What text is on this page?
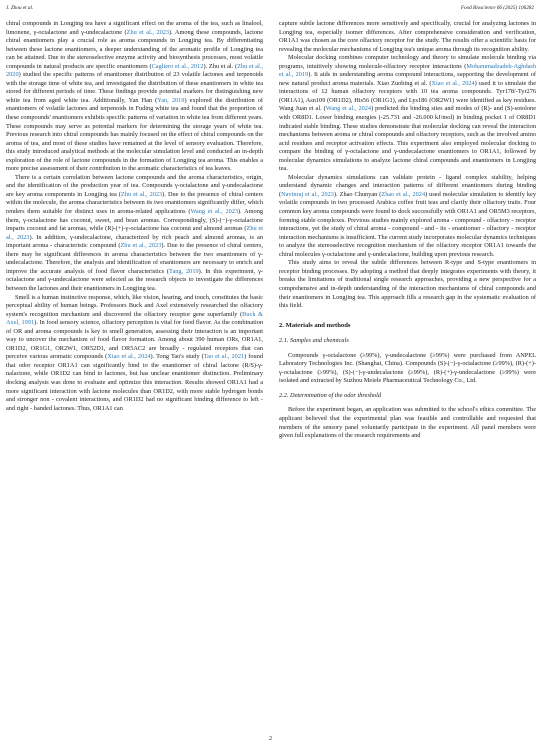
J. Zhou et al.	Food Bioscience 66 (2025) 106282

chiral compounds in Longjing tea have a significant effect on the aroma of the tea, such as linalool, limonene, γ-octalactone and γ-undecalactone (Zhu et al., 2023). Among these compounds, lactone chiral enantiomers play a crucial role as aroma compounds in Longjing tea. By differentiating between these lactone enantiomers, a deeper understanding of the aromatic profile of Longjing tea can be attained. Due to the stereoselective enzyme activity and biosynthesis processes, most volatile compounds in natural products are specific enantiomers (Cagliero et al., 2012). Zhu et al. (Zhu et al., 2020) studied the specific patterns of enantiomer distribution of 23 volatile lactones and terpenoids with the storage time of white tea, and investigated the distribution of these enantiomers in white tea stored for different periods of time. These findings provide potential markers for distinguishing new white tea from aged white tea. Additionally, Yan Han (Yan, 2019) explored the distribution of enantiomers of volatile lactones and terpenoids in Fuding white tea and found that the proportion of these compounds' enantiomers exhibits specific patterns of variation in white tea from different years. These compounds may serve as potential markers for determining the storage years of white tea. Previous research into chiral compounds has mainly focused on the effect of chiral compounds on the aroma of tea, and most of these studies have remained at the level of sensory evaluation. Therefore, this study introduced analytical methods at the molecular simulation level and conducted an in-depth exploration of the role of lactone compounds in the formation of Longjing tea aroma. This enables a more precise assessment of their contribution to the aromatic characteristics of tea leaves.

There is a certain correlation between lactone compounds and the aroma characteristics, origin, and the identification of the production year of tea. Compounds γ-octalactone and γ-undecalactone are key aroma components in Longjing tea (Zhu et al., 2023). Due to the presence of chiral centers within the molecule, the aroma characteristics between its two enantiomers significantly differ, which renders them suitable for distinct uses in aroma-related applications (Wang et al., 2023). Among them, γ-octalactone has coconut, sweet, and bean aromas. Correspondingly, (S)-(−)-γ-octalactone imparts coconut and fat aromas, while (R)-(+)-γ-octalactone has coconut and almond aromas (Zhu et al., 2023). In addition, γ-undecalactone, characterized by rich peach and almond aromas, is an important aroma - characteristic compound (Zhu et al., 2023). Due to the presence of chiral centers, there may be significant differences in aroma characteristics between the two enantiomers of γ-undecalactone. Therefore, the analysis and identification of enantiomers are necessary to enrich and improve the accurate analysis of food flavor characteristics (Tang, 2019). In this experiment, γ-octalactone and γ-undecalactone were selected as the research objects to investigate the differences between the lactones and their enantiomers in Longjing tea.

Smell is a human instinctive response, which, like vision, hearing, and touch, constitutes the basic perceptual ability of human beings. Professors Buck and Axel extensively researched the olfactory system's recognition mechanism and discovered the olfactory receptor gene superfamily (Buck & Axel, 1991). In food sensory science, olfactory perception is vital for food flavor. As the combination of OR and aroma compounds is key to smell generation, assessing their interaction is an important way to uncover the mechanism of food flavor formation. Among about 390 human ORs, OR1A1, OR1D2, OR1G1, OR2W1, OR52D1, and OR5AC2 are broadly - regulated receptors that can perceive various aromatic compounds (Xiao et al., 2024). Tong Tao's study (Tao et al., 2021) found that odor receptor OR1A1 can significantly bind to the enantiomer of chiral lactone (R/S)-γ-nalactone, while OR1D2 can bind to lactones, but has unclear enantiomer distinction. Preliminary docking analysis was done to evaluate and optimize this interaction. Results showed OR1A1 had a more significant interaction with lactone molecules than OR1D2, with more stable hydrogen bonds and stronger non - covalent interactions, and OR1D2 had no significant binding difference to left - and right - handed lactones. Thus, OR1A1 can

capture subtle lactone differences more sensitively and specifically, crucial for analyzing lactones in Longjing tea, especially isomer differences. After comprehensive consideration and verification, OR1A1 was chosen as the core olfactory receptor for the study. The results offer a scientific basis for revealing the molecular mechanisms of Longjing tea's unique aroma through its recognition ability.

Molecular docking combines computer technology and theory to simulate molecule binding via programs, intuitively showing molecule-olfactory receptor interactions (Mohammadzadeh-Aghdash et al., 2019). It aids in understanding aroma compound interactions, supporting the development of new natural product aroma materials. Xiao Zuobing et al. (Xiao et al., 2024) used it to simulate the interactions of 12 human olfactory receptors with 10 tea aroma compounds. Tyr178/-Tyr276 (OR1A1), Asn109 (OR1D2), His56 (OR1G1), and Lys186 (OR2W1) were identified as key residues. Wang Juan et al. (Wang et al., 2024) predicted the binding sites and modes of (R)- and (S)-sotolone with OR8D1. Lower binding energies (-25.731 and -26.000 kJ/mol) in binding pocket 1 of OR8D1 indicated stable binding. These studies demonstrate that molecular docking can reveal the interaction mechanisms between aroma or chiral compounds and olfactory receptors, such as the involved amino acid residues and receptor activation effects. This experiment also employed molecular docking to compare the binding of γ-octalactone and γ-undecalactone enantiomers to OR1A1, followed by molecular dynamics simulations to analyze lactone chiral compounds and enantiomers in Longjing tea.

Molecular dynamics simulations can validate protein - ligand complex stability, helping understand dynamic changes and interaction patterns of different enantiomers during binding (Navinraj et al., 2023). Zhao Chunyan (Zhao et al., 2024) used molecular simulation to identify key volatile compounds in two processed Arabica coffee fruit teas and clarify their olfactory traits. Four common key aroma compounds were found to dock successfully with OR1A1 and OR5M3 receptors, forming stable complexes. Previous studies mainly explored aroma - compound - olfactory - receptor interactions, yet the study of chiral aroma - compound - and - its - enantiomer - olfactory - receptor interaction mechanisms is insufficient. The current study incorporates molecular dynamics techniques to analyze the stereoselective recognition mechanism of the olfactory receptor OR1A1 towards the chiral molecules γ-octalactone and γ-undecalactone, building upon previous research.

This study aims to reveal the subtle differences between R-type and S-type enantiomers in receptor binding processes. By adopting a method that deeply integrates experiments with theory, it breaks the limitations of traditional single research approaches, providing a new perspective for a comprehensive and in-depth understanding of the interaction mechanisms of chiral compounds and their enantiomers in Longjing tea. This approach fills a research gap in the systematic evaluation of this field.

2. Materials and methods
2.1. Samples and chemicals

Compounds γ-octalactone (≥99%), γ-undecalactone (≥99%) were purchased from ANPEL Laboratory Technologies Inc. (Shanghai, China). Compounds (S)-(−)-γ-octalactone (≥99%), (R)-(+)-γ-octalactone (≥99%), (S)-(−)-γ-undecalactone (≥99%), (R)-(+)-γ-undecalactone (≥99%) were isolated and extracted by Suzhou Meiele Pharmaceutical Technology Co., Ltd.

2.2. Determination of the odor threshold

Before the experiment began, an application was submitted to the school's ethics committee. The applicant believed that the experimental plan was feasible and controllable and requested that members of the sensory panel voluntarily participate in the experiment. All panel members were given full explanations of the research requirements and

2
